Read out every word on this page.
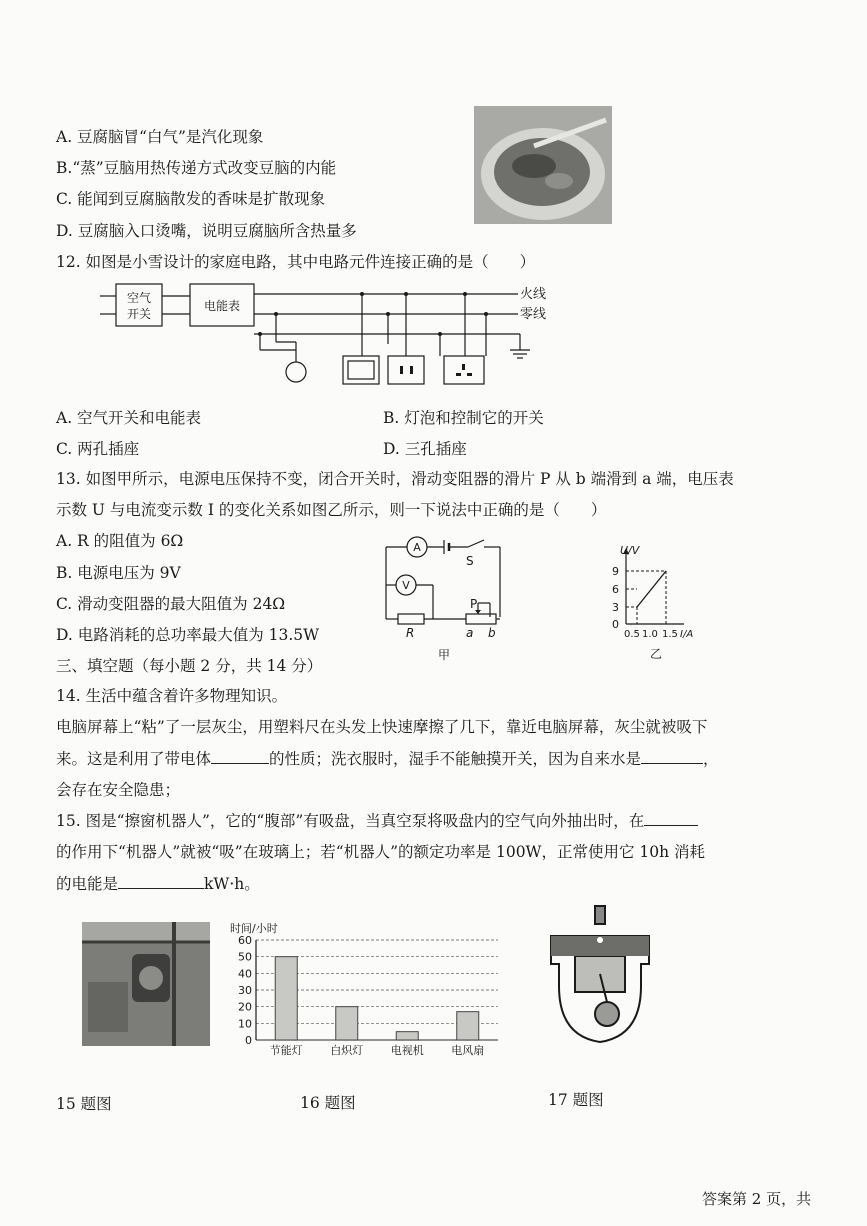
A. 豆腐脑冒“白气”是汽化现象
B.“蒸”豆脑用热传递方式改变豆脑的内能
C. 能闻到豆腐脑散发的香味是扩散现象
D. 豆腐脑入口烫嘴，说明豆腐脑所含热量多
12. 如图是小雪设计的家庭电路，其中电路元件连接正确的是（　　）
空气
开关
电能表
火线
零线
A. 空气开关和电能表	B. 灯泡和控制它的开关
C. 两孔插座	D. 三孔插座
13. 如图甲所示，电源电压保持不变，闭合开关时，滑动变阻器的滑片 P 从 b 端滑到 a 端，电压表
示数 U 与电流变示数 I 的变化关系如图乙所示，则一下说法中正确的是（　　）
A. R 的阻值为 6Ω
B. 电源电压为 9V
C. 滑动变阻器的最大阻值为 24Ω
D. 电路消耗的总功率最大值为 13.5W
A
V
S
R
P
a b
甲
U/V
9
6
3
0
0.5 1.0 1.5 I/A
乙
三、填空题（每小题 2 分，共 14 分）
14. 生活中蕴含着许多物理知识。
电脑屏幕上“粘”了一层灰尘，用塑料尺在头发上快速摩擦了几下，靠近电脑屏幕，灰尘就被吸下
来。这是利用了带电体	的性质；洗衣服时，湿手不能触摸开关，因为自来水是	，
会存在安全隐患；
15. 图是“擦窗机器人”，它的“腹部”有吸盘，当真空泵将吸盘内的空气向外抽出时，在
的作用下“机器人”就被“吸”在玻璃上；若“机器人”的额定功率是 100W，正常使用它 10h 消耗
的电能是	kW·h。
时间/小时
0
10
20
30
40
50
60
节能灯	白炽灯	电视机	电风扇
15 题图	16 题图	17 题图
答案第 2 页，共
